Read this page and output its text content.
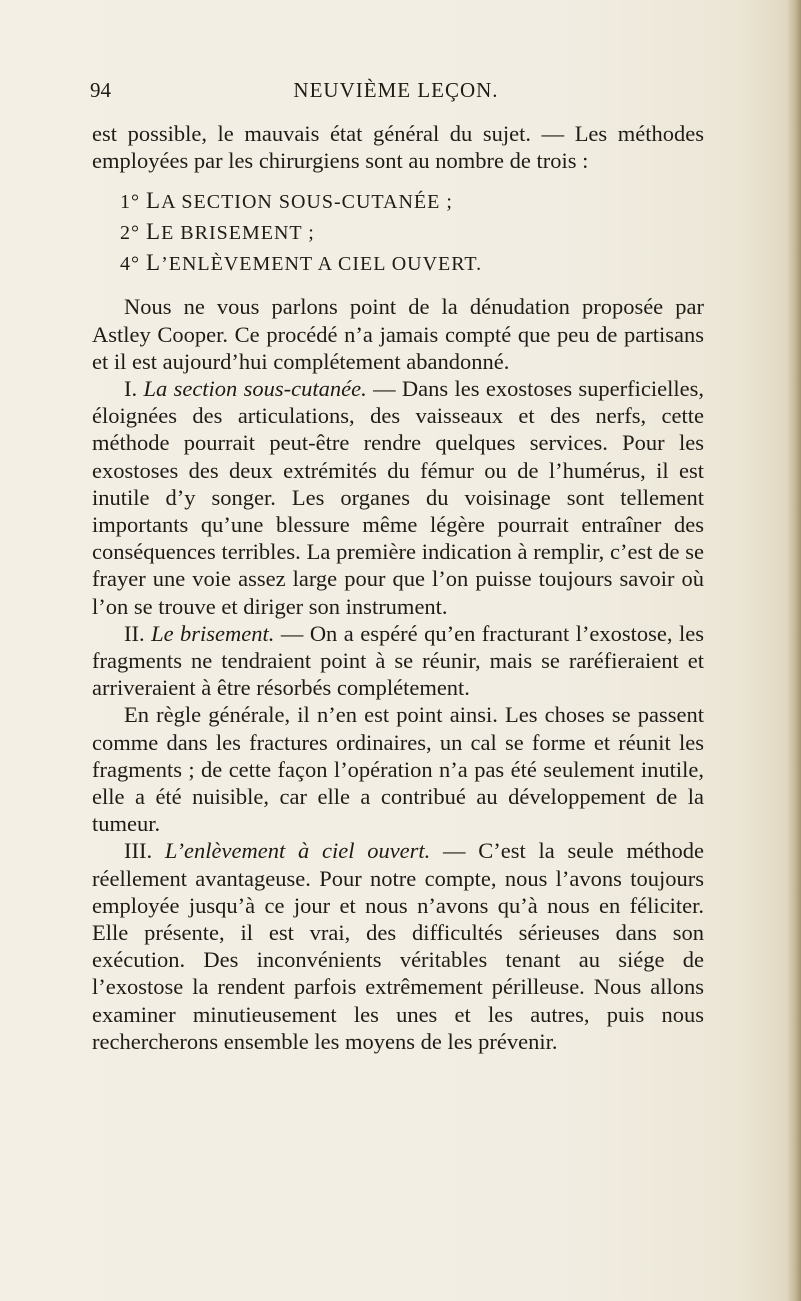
94	NEUVIÈME LEÇON.

est possible, le mauvais état général du sujet. — Les méthodes employées par les chirurgiens sont au nombre de trois :

1° LA SECTION SOUS-CUTANÉE ;
2° LE BRISEMENT ;
4° L’ENLÈVEMENT A CIEL OUVERT.

Nous ne vous parlons point de la dénudation proposée par Astley Cooper. Ce procédé n’a jamais compté que peu de partisans et il est aujourd’hui complétement abandonné.

I. La section sous-cutanée. — Dans les exostoses superficielles, éloignées des articulations, des vaisseaux et des nerfs, cette méthode pourrait peut-être rendre quelques services. Pour les exostoses des deux extrémités du fémur ou de l’humérus, il est inutile d’y songer. Les organes du voisinage sont tellement importants qu’une blessure même légère pourrait entraîner des conséquences terribles. La première indication à remplir, c’est de se frayer une voie assez large pour que l’on puisse toujours savoir où l’on se trouve et diriger son instrument.

II. Le brisement. — On a espéré qu’en fracturant l’exostose, les fragments ne tendraient point à se réunir, mais se raréfieraient et arriveraient à être résorbés complétement.

En règle générale, il n’en est point ainsi. Les choses se passent comme dans les fractures ordinaires, un cal se forme et réunit les fragments ; de cette façon l’opération n’a pas été seulement inutile, elle a été nuisible, car elle a contribué au développement de la tumeur.

III. L’enlèvement à ciel ouvert. — C’est la seule méthode réellement avantageuse. Pour notre compte, nous l’avons toujours employée jusqu’à ce jour et nous n’avons qu’à nous en féliciter. Elle présente, il est vrai, des difficultés sérieuses dans son exécution. Des inconvénients véritables tenant au siége de l’exostose la rendent parfois extrêmement périlleuse. Nous allons examiner minutieusement les unes et les autres, puis nous rechercherons ensemble les moyens de les prévenir.
